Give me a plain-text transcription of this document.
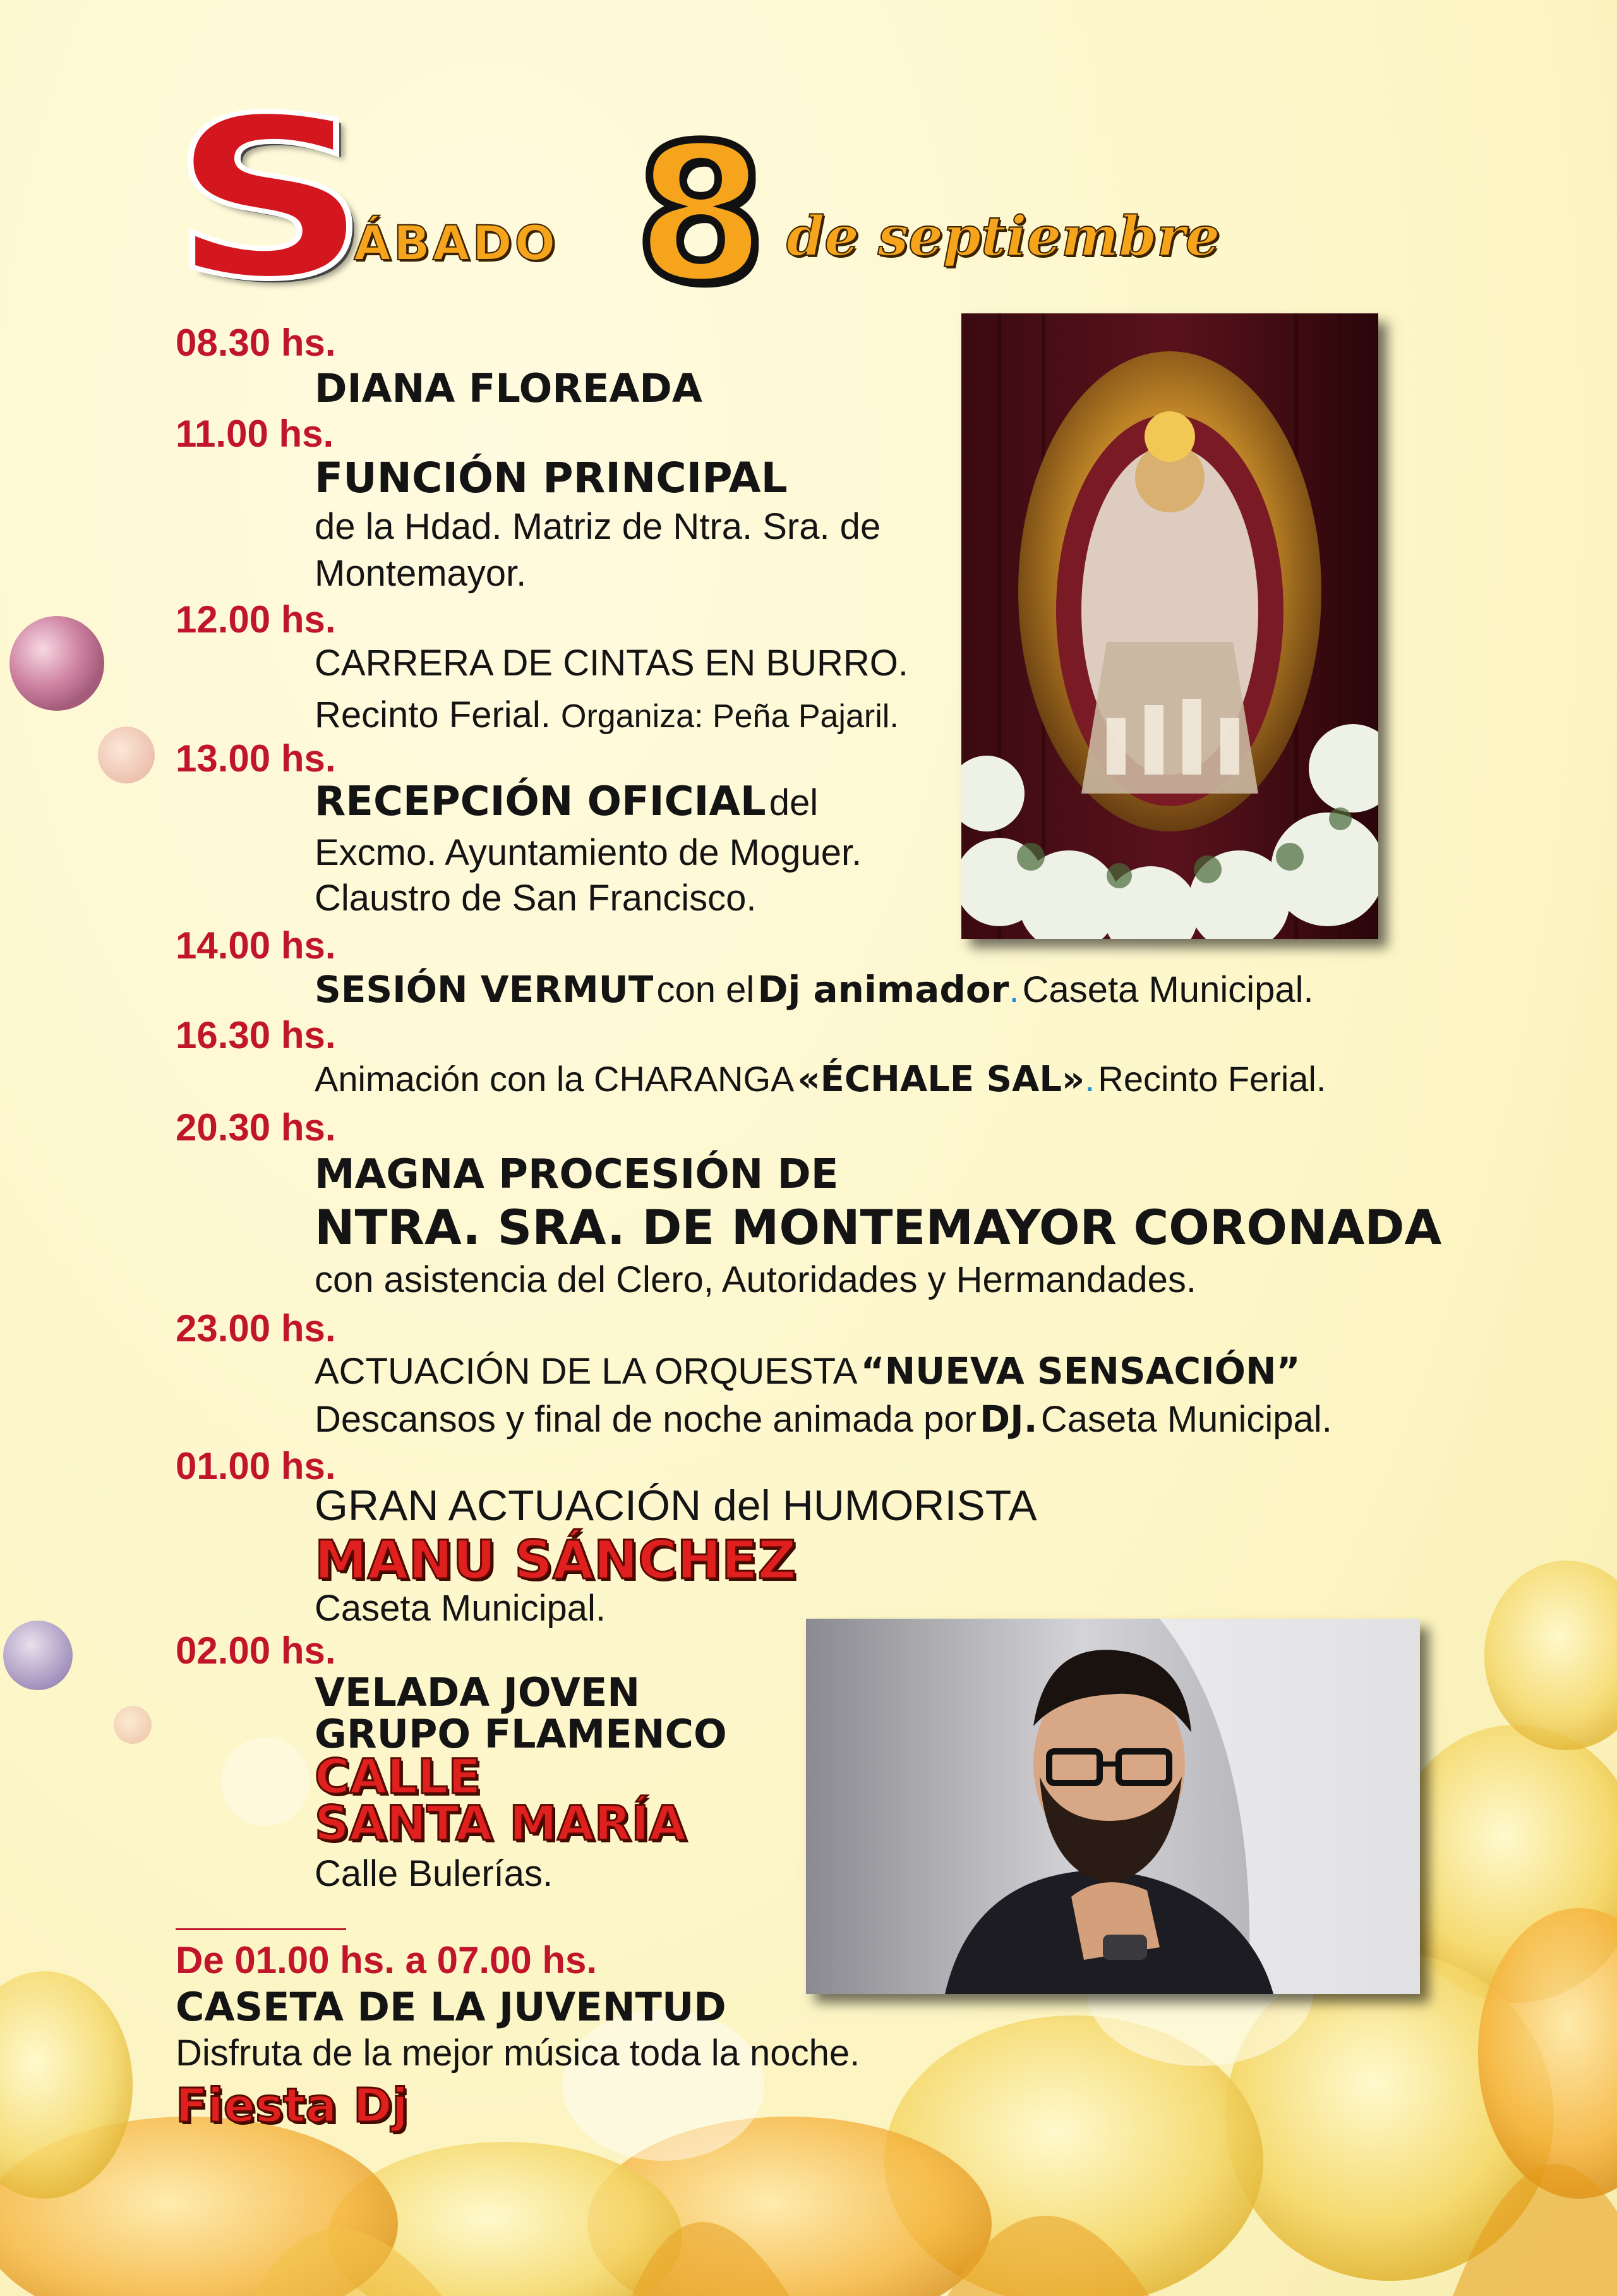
S
ÁBADO 8 de septiembre
08.30 hs.
DIANA FLOREADA
11.00 hs.
FUNCIÓN PRINCIPAL
de la Hdad. Matriz de Ntra. Sra. de
Montemayor.
12.00 hs.
CARRERA DE CINTAS EN BURRO.
Recinto Ferial. Organiza: Peña Pajaril.
13.00 hs.
RECEPCIÓN OFICIAL del
Excmo. Ayuntamiento de Moguer.
Claustro de San Francisco.
14.00 hs.
SESIÓN VERMUT con el Dj animador. Caseta Municipal.
16.30 hs.
Animación con la CHARANGA «ÉCHALE SAL». Recinto Ferial.
20.30 hs.
MAGNA PROCESIÓN DE
NTRA. SRA. DE MONTEMAYOR CORONADA
con asistencia del Clero, Autoridades y Hermandades.
23.00 hs.
ACTUACIÓN DE LA ORQUESTA “NUEVA SENSACIÓN”
Descansos y final de noche animada por DJ. Caseta Municipal.
01.00 hs.
GRAN ACTUACIÓN del HUMORISTA
MANU SÁNCHEZ
Caseta Municipal.
02.00 hs.
VELADA JOVEN
GRUPO FLAMENCO
CALLE
SANTA MARÍA
Calle Bulerías.
De 01.00 hs. a 07.00 hs.
CASETA DE LA JUVENTUD
Disfruta de la mejor música toda la noche.
Fiesta Dj
